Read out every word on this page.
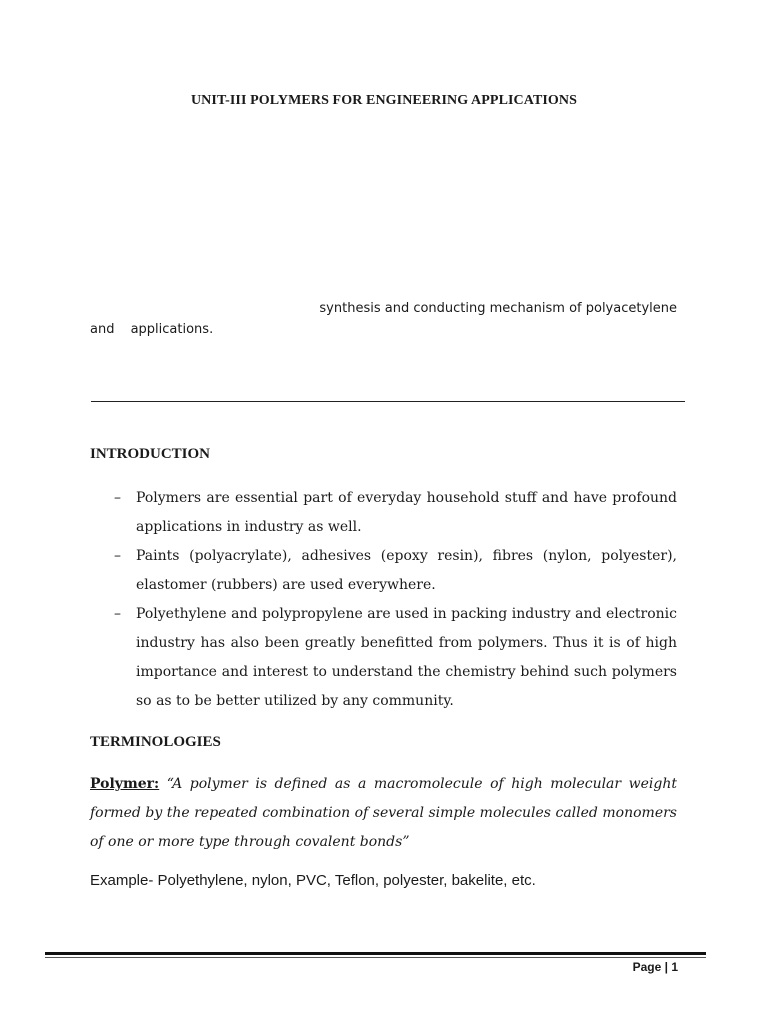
UNIT-III POLYMERS FOR ENGINEERING APPLICATIONS
synthesis and conducting mechanism of polyacetylene
and applications.
INTRODUCTION
– Polymers are essential part of everyday household stuff and have profound applications in industry as well.
– Paints (polyacrylate), adhesives (epoxy resin), fibres (nylon, polyester), elastomer (rubbers) are used everywhere.
– Polyethylene and polypropylene are used in packing industry and electronic industry has also been greatly benefitted from polymers. Thus it is of high importance and interest to understand the chemistry behind such polymers so as to be better utilized by any community.
TERMINOLOGIES
Polymer: “A polymer is defined as a macromolecule of high molecular weight formed by the repeated combination of several simple molecules called monomers of one or more type through covalent bonds”
Example- Polyethylene, nylon, PVC, Teflon, polyester, bakelite, etc.
Page | 1
